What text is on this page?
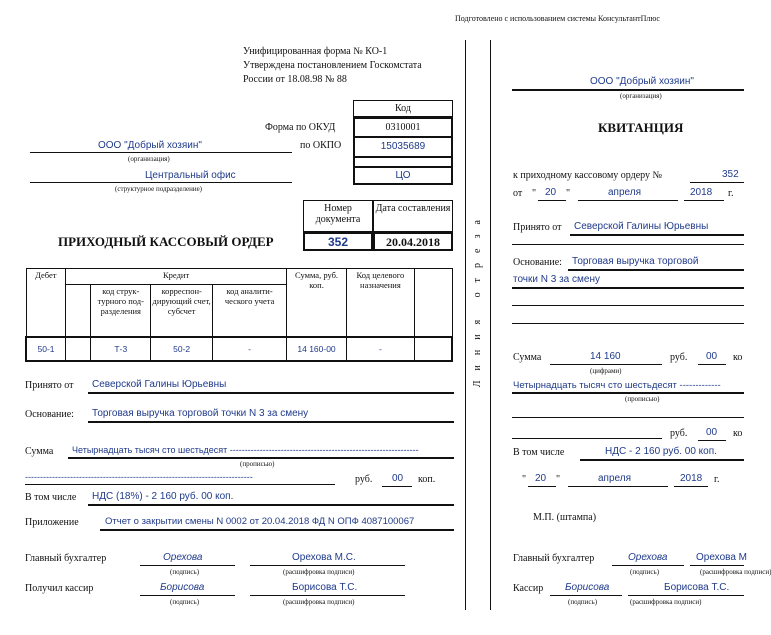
Подготовлено с использованием системы КонсультантПлюс
Унифицированная форма № КО-1
Утверждена постановлением Госкомстата
России от 18.08.98 № 88
Код
Форма по ОКУД	0310001
по ОКПО	15035689
ЦО
ООО "Добрый хозяин"
(организация)
Центральный офис
(структурное подразделение)
Номер документа
Дата составления
ПРИХОДНЫЙ КАССОВЫЙ ОРДЕР	352	20.04.2018
Дебет	Кредит				Сумма, руб. коп.	Код целевого назначения	
		код струк-турного под-разделения	корреспон-дирующий счет, субсчет	код аналити-ческого учета			
50-1		Т-3	50-2	-	14 160-00	-	
Принято от Северской Галины Юрьевны
Основание: Торговая выручка торговой точки N 3 за смену
Сумма Четырнадцать тысяч сто шестьдесят ---------------------------------------------------------------
(прописью)
----------------------------------------------------------------------------	руб. 00 коп.
В том числе НДС (18%) - 2 160 руб. 00 коп.
Приложение	Отчет о закрытии смены N 0002 от 20.04.2018 ФД N ОПФ 4087100067
Главный бухгалтер	Орехова
(подпись)
Орехова М.С.
(расшифровка подписи)
Получил кассир	Борисова
(подпись)
Борисова Т.С.
(расшифровка подписи)
Линия отреза
ООО "Добрый хозяин"
(организация)
КВИТАНЦИЯ
к приходному кассовому ордеру №	352
от " 20 "	апреля	2018 г.
Принято от Северской Галины Юрьевны
Основание: Торговая выручка торговой
точки N 3 за смену
Сумма	14 160
(цифрами)
руб. 00 ко
Четырнадцать тысяч сто шестьдесят -------------
(прописью)
руб. 00 ко
В том числе	НДС - 2 160 руб. 00 коп.
" 20 "	апреля	2018 г.
М.П. (штампа)
Главный бухгалтер	Орехова
(подпись)
Орехова М
(расшифровка подписи)
Кассир Борисова
(подпись)
Борисова Т.С.
(расшифровка подписи)
